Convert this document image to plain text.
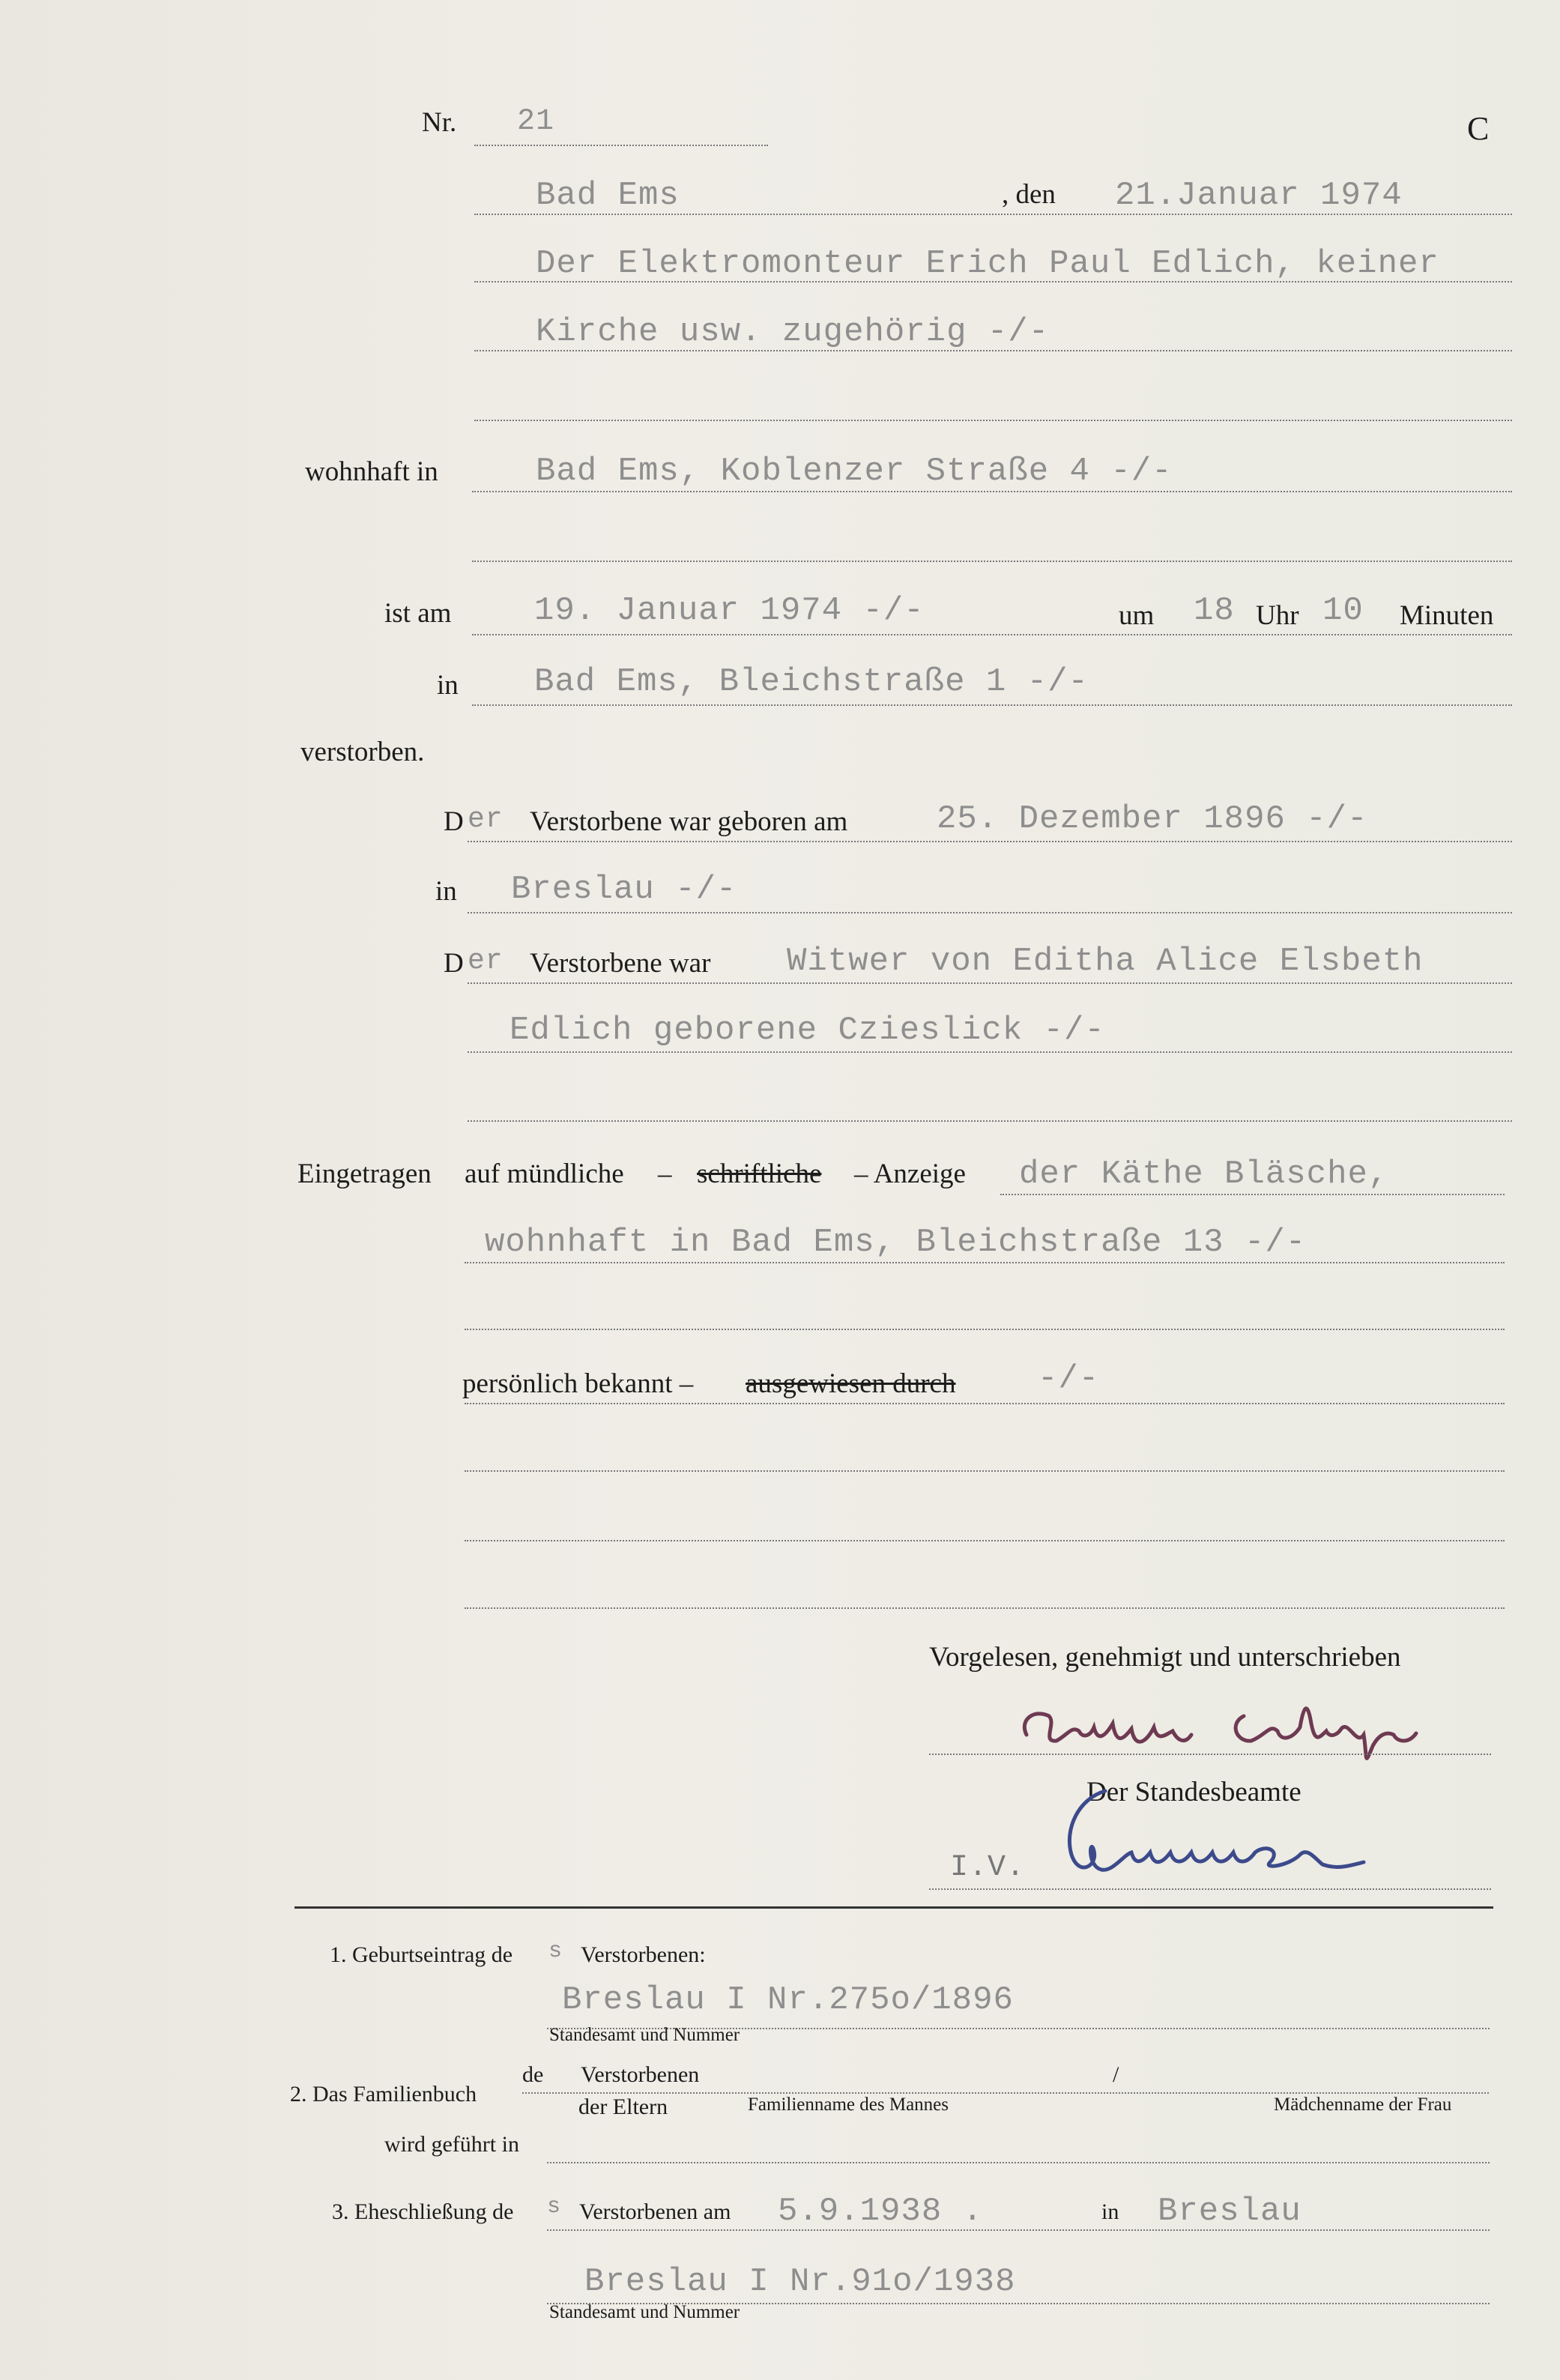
Nr. 21	C
Bad Ems	, den 21.Januar 1974
Der Elektromonteur Erich Paul Edlich, keiner
Kirche usw. zugehörig -/-
wohnhaft in	Bad Ems, Koblenzer Straße 4 -/-
ist am	19. Januar 1974 -/-	um 18 Uhr 10 Minuten
in Bad Ems, Bleichstraße 1 -/-
verstorben.
D er Verstorbene war geboren am	25. Dezember 1896 -/-
in Breslau -/-
D er Verstorbene war Witwer von Editha Alice Elsbeth
Edlich geborene Czieslick -/-
Eingetragen auf mündliche – schriftliche – Anzeige der Käthe Bläsche,
wohnhaft in Bad Ems, Bleichstraße 13 -/-
persönlich bekannt – ausgewiesen durch -/-
Vorgelesen, genehmigt und unterschrieben
Der Standesbeamte
I.V.
1. Geburtseintrag de s Verstorbenen:
Breslau I Nr.275o/1896
Standesamt und Nummer
2. Das Familienbuch
de Verstorbenen
der Eltern	Familienname des Mannes
/
Mädchenname der Frau
wird geführt in
3. Eheschließung de s Verstorbenen am 5.9.1938 .	in Breslau
Breslau I Nr.91o/1938
Standesamt und Nummer
